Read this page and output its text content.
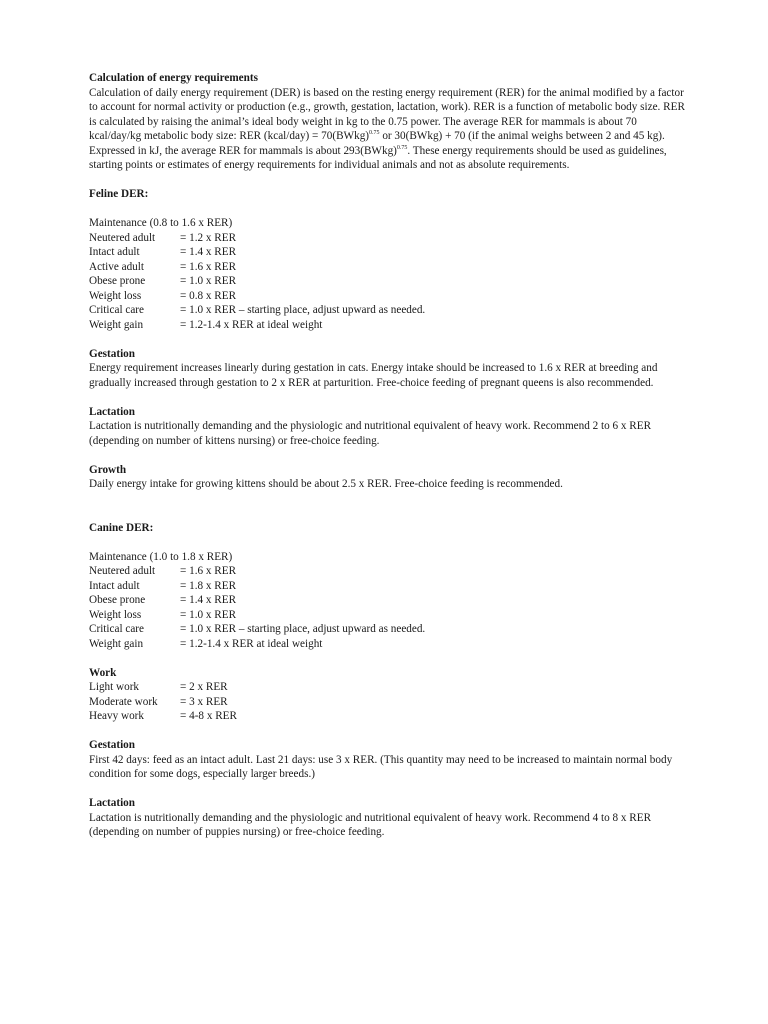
Calculation of energy requirements

Calculation of daily energy requirement (DER) is based on the resting energy requirement (RER) for the animal modified by a factor to account for normal activity or production (e.g., growth, gestation, lactation, work). RER is a function of metabolic body size. RER is calculated by raising the animal’s ideal body weight in kg to the 0.75 power. The average RER for mammals is about 70 kcal/day/kg metabolic body size: RER (kcal/day) = 70(BWkg)$^{0.75}$ or 30(BWkg) + 70 (if the animal weighs between 2 and 45 kg). Expressed in kJ, the average RER for mammals is about 293(BWkg)$^{0.75}$. These energy requirements should be used as guidelines, starting points or estimates of energy requirements for individual animals and not as absolute requirements.

Feline DER:

Maintenance (0.8 to 1.6 x RER)

Neutered adult	= 1.2 x RER
Intact adult	= 1.4 x RER
Active adult	= 1.6 x RER
Obese prone	= 1.0 x RER
Weight loss	= 0.8 x RER
Critical care	= 1.0 x RER – starting place, adjust upward as needed.
Weight gain	= 1.2-1.4 x RER at ideal weight

Gestation

Energy requirement increases linearly during gestation in cats. Energy intake should be increased to 1.6 x RER at breeding and gradually increased through gestation to 2 x RER at parturition. Free-choice feeding of pregnant queens is also recommended.

Lactation

Lactation is nutritionally demanding and the physiologic and nutritional equivalent of heavy work. Recommend 2 to 6 x RER (depending on number of kittens nursing) or free-choice feeding.

Growth

Daily energy intake for growing kittens should be about 2.5 x RER. Free-choice feeding is recommended.

Canine DER:

Maintenance (1.0 to 1.8 x RER)

Neutered adult	= 1.6 x RER
Intact adult	= 1.8 x RER
Obese prone	= 1.4 x RER
Weight loss	= 1.0 x RER
Critical care	= 1.0 x RER – starting place, adjust upward as needed.
Weight gain	= 1.2-1.4 x RER at ideal weight

Work

Light work	= 2 x RER
Moderate work	= 3 x RER
Heavy work	= 4-8 x RER

Gestation

First 42 days: feed as an intact adult. Last 21 days: use 3 x RER. (This quantity may need to be increased to maintain normal body condition for some dogs, especially larger breeds.)

Lactation

Lactation is nutritionally demanding and the physiologic and nutritional equivalent of heavy work. Recommend 4 to 8 x RER (depending on number of puppies nursing) or free-choice feeding.
